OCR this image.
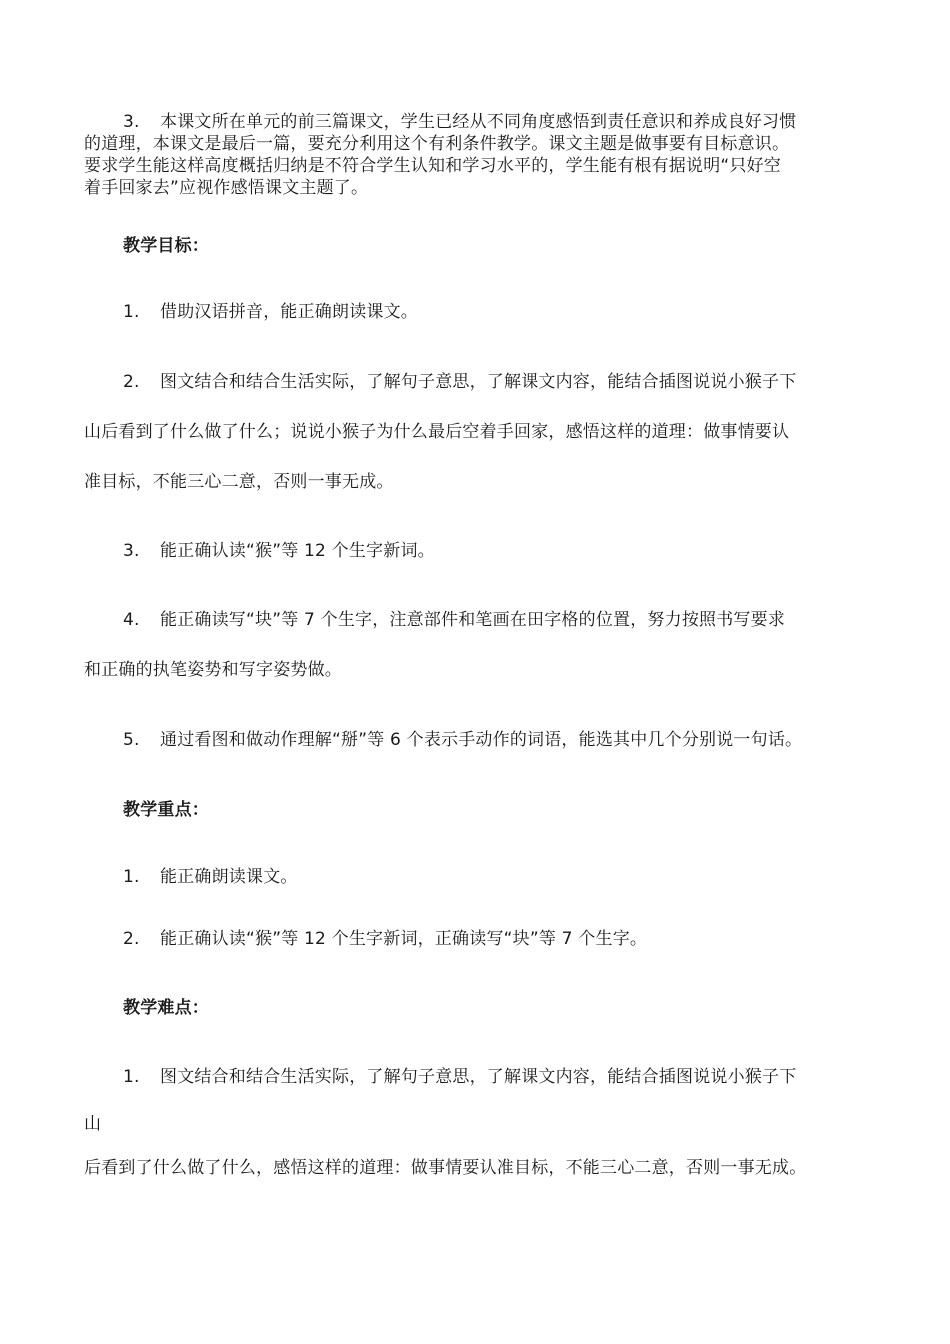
3. 本课文所在单元的前三篇课文，学生已经从不同角度感悟到责任意识和养成良好习惯
的道理，本课文是最后一篇，要充分利用这个有利条件教学。课文主题是做事要有目标意识。
要求学生能这样高度概括归纳是不符合学生认知和学习水平的，学生能有根有据说明“只好空
着手回家去”应视作感悟课文主题了。
教学目标：
1. 借助汉语拼音，能正确朗读课文。
2. 图文结合和结合生活实际，了解句子意思，了解课文内容，能结合插图说说小猴子下
山后看到了什么做了什么；说说小猴子为什么最后空着手回家，感悟这样的道理：做事情要认
准目标，不能三心二意，否则一事无成。
3. 能正确认读“猴”等 12 个生字新词。
4. 能正确读写“块”等 7 个生字，注意部件和笔画在田字格的位置，努力按照书写要求
和正确的执笔姿势和写字姿势做。
5. 通过看图和做动作理解“掰”等 6 个表示手动作的词语，能选其中几个分别说一句话。
教学重点：
1. 能正确朗读课文。
2. 能正确认读“猴”等 12 个生字新词，正确读写“块”等 7 个生字。
教学难点：
1. 图文结合和结合生活实际，了解句子意思，了解课文内容，能结合插图说说小猴子下
山
后看到了什么做了什么，感悟这样的道理：做事情要认准目标，不能三心二意，否则一事无成。
